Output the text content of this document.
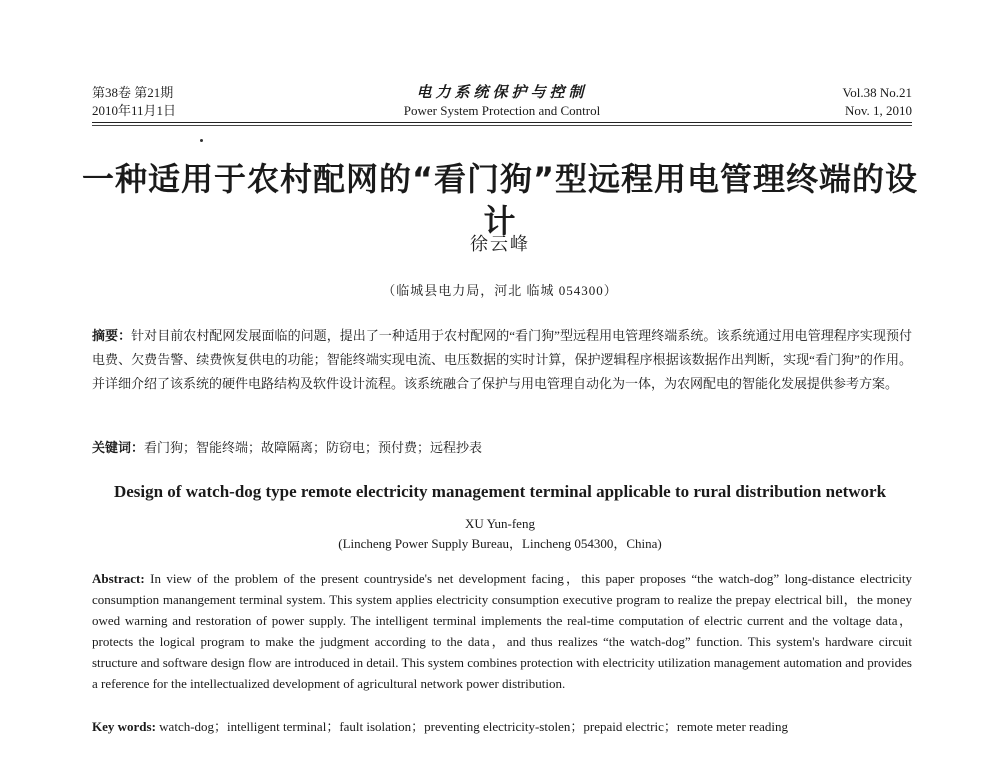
第38卷 第21期
2010年11月1日
电力系统保护与控制
Power System Protection and Control
Vol.38 No.21
Nov. 1, 2010
一种适用于农村配网的“看门狗”型远程用电管理终端的设计
徐云峰
（临城县电力局，河北 临城 054300）

摘要：针对目前农村配网发展面临的问题，提出了一种适用于农村配网的“看门狗”型远程用电管理终端系统。该系统通过用电管理程序实现预付电费、欠费告警、续费恢复供电的功能；智能终端实现电流、电压数据的实时计算，保护逻辑程序根据该数据作出判断，实现“看门狗”的作用。并详细介绍了该系统的硬件电路结构及软件设计流程。该系统融合了保护与用电管理自动化为一体，为农网配电的智能化发展提供参考方案。

关键词：看门狗；智能终端；故障隔离；防窃电；预付费；远程抄表

Design of watch-dog type remote electricity management terminal applicable to rural distribution network
XU Yun-feng
(Lincheng Power Supply Bureau，Lincheng 054300，China)

Abstract: In view of the problem of the present countryside's net development facing，this paper proposes “the watch-dog” long-distance electricity consumption manangement terminal system. This system applies electricity consumption executive program to realize the prepay electrical bill，the money owed warning and restoration of power supply. The intelligent terminal implements the real-time computation of electric current and the voltage data，protects the logical program to make the judgment according to the data，and thus realizes “the watch-dog” function. This system's hardware circuit structure and software design flow are introduced in detail. This system combines protection with electricity utilization management automation and provides a reference for the intellectualized development of agricultural network power distribution.

Key words: watch-dog；intelligent terminal；fault isolation；preventing electricity-stolen；prepaid electric；remote meter reading
